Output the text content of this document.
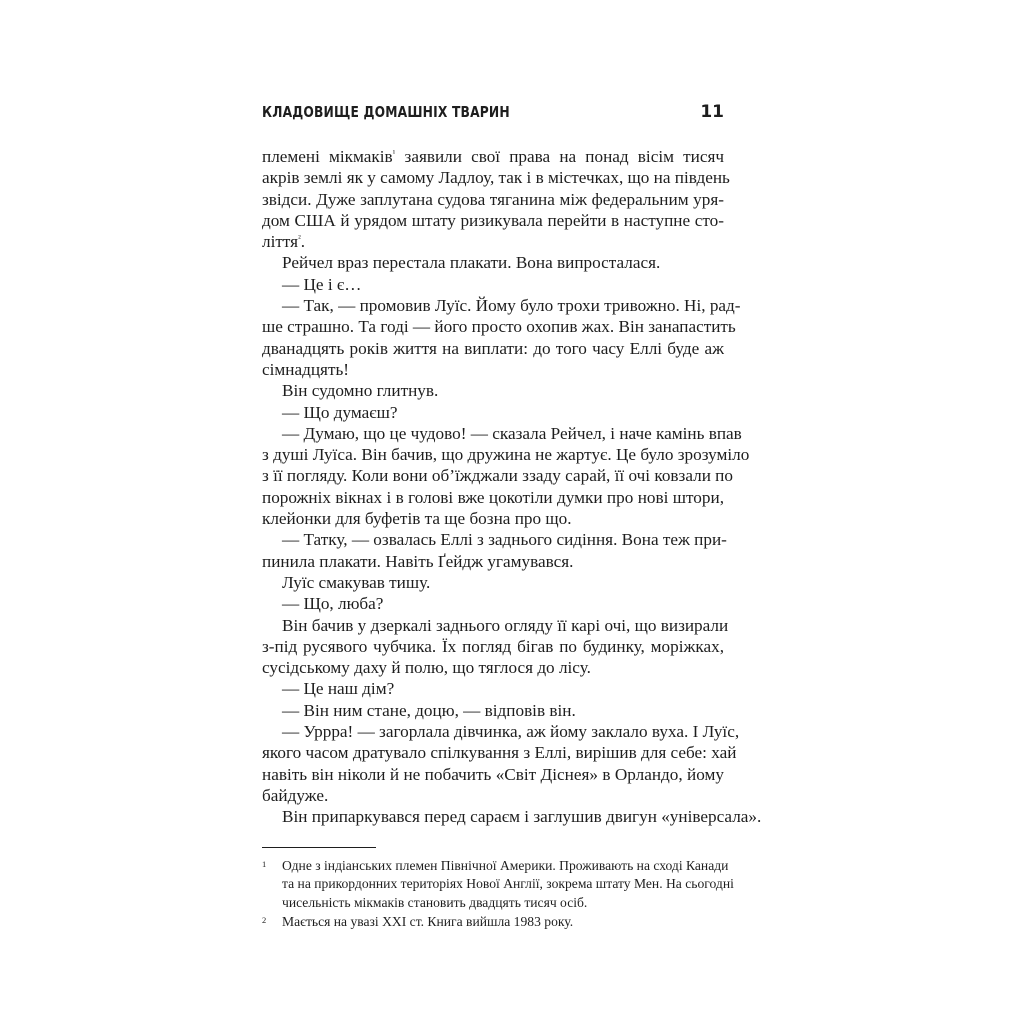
КЛАДОВИЩЕ ДОМАШНІХ ТВАРИН	11
племені мікмаків$^{^1}$ заявили свої права на понад вісім тисяч
акрів землі як у самому Ладлоу, так і в містечках, що на південь
звідси. Дуже заплутана судова тяганина між федеральним уря-
дом США й урядом штату ризикувала перейти в наступне сто-
ліття$^{^2}$.
Рейчел враз перестала плакати. Вона випросталася.
— Це і є…
— Так, — промовив Луїс. Йому було трохи тривожно. Ні, рад-
ше страшно. Та годі — його просто охопив жах. Він занапастить
дванадцять років життя на виплати: до того часу Еллі буде аж
сімнадцять!
Він судомно глитнув.
— Що думаєш?
— Думаю, що це чудово! — сказала Рейчел, і наче камінь впав
з душі Луїса. Він бачив, що дружина не жартує. Це було зрозуміло
з її погляду. Коли вони об’їжджали ззаду сарай, її очі ковзали по
порожніх вікнах і в голові вже цокотіли думки про нові штори,
клейонки для буфетів та ще бозна про що.
— Татку, — озвалась Еллі з заднього сидіння. Вона теж при-
пинила плакати. Навіть Ґейдж угамувався.
Луїс смакував тишу.
— Що, люба?
Він бачив у дзеркалі заднього огляду її карі очі, що визирали
з-під русявого чубчика. Їх погляд бігав по будинку, моріжках,
сусідському даху й полю, що тяглося до лісу.
— Це наш дім?
— Він ним стане, доцю, — відповів він.
— Уррра! — загорлала дівчинка, аж йому заклало вуха. І Луїс,
якого часом дратувало спілкування з Еллі, вирішив для себе: хай
навіть він ніколи й не побачить «Світ Діснея» в Орландо, йому
байдуже.
Він припаркувався перед сараєм і заглушив двигун «універсала».
1 Одне з індіанських племен Північної Америки. Проживають на сході Канади
та на прикордонних територіях Нової Англії, зокрема штату Мен. На сьогодні
чисельність мікмаків становить двадцять тисяч осіб.
2 Мається на увазі XXI ст. Книга вийшла 1983 року.
